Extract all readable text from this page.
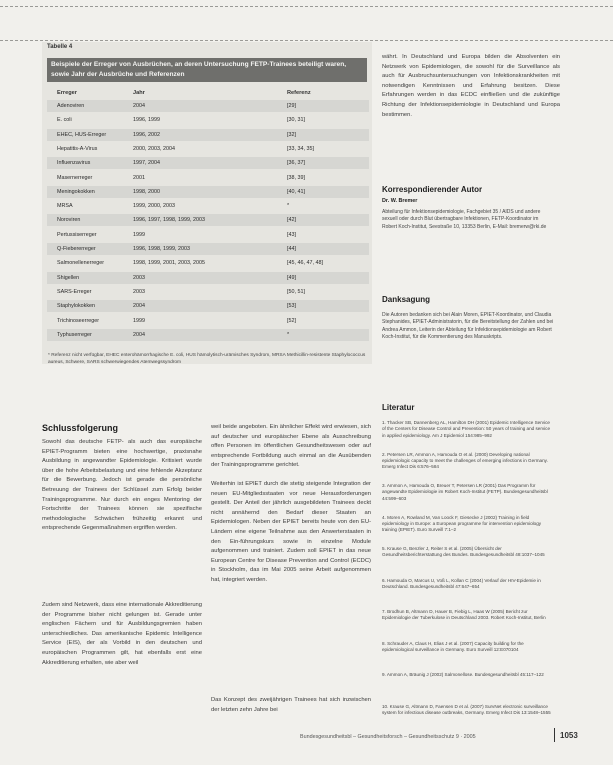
Tabelle 4
Beispiele der Erreger von Ausbrüchen, an deren Untersuchung FETP-Trainees beteiligt waren, sowie Jahr der Ausbrüche und Referenzen
Erreger	Jahr	Referenz
Adenoviren	2004	[29]
E. coli	1996, 1999	[30, 31]
EHEC, HUS-Erreger	1996, 2002	[32]
Hepatitis-A-Virus	2000, 2003, 2004	[33, 34, 35]
Influenzavirus	1997, 2004	[36, 37]
Masernerreger	2001	[38, 39]
Meningokokken	1998, 2000	[40, 41]
MRSA	1999, 2000, 2003	*
Noroviren	1996, 1997, 1998, 1999, 2003	[42]
Pertussiserreger	1999	[43]
Q-Fiebererreger	1996, 1998, 1999, 2003	[44]
Salmonellenerreger	1998, 1999, 2001, 2003, 2005	[45, 46, 47, 48]
Shigellen	2003	[49]
SARS-Erreger	2003	[50, 51]
Staphylokokken	2004	[53]
Trichinoseerreger	1999	[52]
Typhuserreger	2004	*
* Referenz nicht verfügbar, EHEC enterohämorrhagische E. coli, HUS hämolytisch-urämisches Syndrom, MRSA Methicillin-resistente Staphylococcus aureus, Schwere, SARS schwerwiegendes Atemwegssyndrom
Schlussfolgerung
Sowohl das deutsche FETP- als auch das europäische EPIET-Programm bieten eine hochwertige, praxisnahe Ausbildung in angewandter Epidemiologie. Kritisiert wurde über die hohe Arbeitsbelastung und eine fehlende Akzeptanz für die Bewerbung. Jedoch ist gerade die persönliche Betreuung der Trainees der Schlüssel zum Erfolg beider Trainingsprogramme. Nur durch ein enges Mentoring der Fortschritte der Trainees können sie spezifische methodologische Schwächen frühzeitig erkannt und entsprechende Gegenmaßnahmen ergriffen werden.
Zudem sind Netzwerk, dass eine internationale Akkreditierung der Programme bisher nicht gelungen ist. Gerade unter englischen Fächern und für Ausbildungsgremien haben unterschiedliches. Das amerikanische Epidemic Intelligence Service (EIS), der als Vorbild in den deutschen und europäischen Programmen gilt, hat ebenfalls erst eine Akkreditierung erhalten, wie aber weil
weil beide angeboten. Ein ähnlicher Effekt wird erwiesen, sich auf deutscher und europäischer Ebene als Ausschreibung offen Personen im öffentlichen Gesundheitswesen oder auf entsprechende Fortbildung auch einmal an die Ausübenden der Trainingsprogramme gerichtet.
Weiterhin ist EPIET durch die stetig steigende Integration der neuen EU-Mitgliedsstaaten vor neue Herausforderungen gestellt. Der Anteil der jährlich ausgebildeten Trainees deckt nicht annähernd den Bedarf dieser Staaten an Epidemiologen. Neben der EPIET bereits heute von den EU-Ländern eine eigene Teilnahme aus den Anwerterstaaten in den Ein-führungskurs sowie in einzelne Module aufgenommen und trainiert. Zudem soll EPIET in das neue European Centre for Disease Prevention and Control (ECDC) in Stockholm, das im Mai 2005 seine Arbeit aufgenommen hat, integriert werden.
Das Konzept des zweijährigen Trainees hat sich inzwischen der letzten zehn Jahre bei
währt. In Deutschland und Europa bilden die Absolventen ein Netzwerk von Epidemiologen, die sowohl für die Surveillance als auch für Ausbruchsuntersuchungen von Infektionskrankheiten mit notwendigen Kenntnissen und Erfahrung besitzen. Diese Erfahrungen werden in das ECDC einfließen und die zukünftige Richtung der Infektionsepidemiologie in Deutschland und Europa bestimmen.
Korrespondierender Autor
Dr. W. Bremer
Abteilung für Infektionsepidemiologie, Fachgebiet 35 / AIDS und andere sexuell oder durch Blut übertragbare Infektionen, FETP-Koordinator im Robert Koch-Institut, Seestraße 10, 13353 Berlin, E-Mail: bremerw@rki.de
Danksagung
Die Autoren bedanken sich bei Alain Moren, EPIET-Koordinator, und Claudia Stephanides, EPIET-Administratorin, für die Bereitstellung der Zahlen und bei Andrea Ammon, Leiterin der Abteilung für Infektionsepidemiologie am Robert Koch-Institut, für die Kommentierung des Manuskripts.
Literatur
1. Thacker SB, Dannenberg AL, Hamilton DH (2001) Epidemic Intelligence Service of the Centers for Disease Control and Prevention: 50 years of training and service in applied epidemiology. Am J Epidemiol 154:985–992
2. Petersen LR, Ammon A, Hamouda O et al. (2000) Developing national epidemiologic capacity to meet the challenges of emerging infections in Germany. Emerg Infect Dis 6:576–584
3. Ammon A, Hamouda O, Breuer T, Petersen LR (2001) Das Programm für angewandte Epidemiologie im Robert Koch-Institut (FETP). Bundesgesundheitsbl 44:599–603
4. Moren A, Rowland M, Van Loock F, Giesecke J (2002) Training in field epidemiology in Europe: a European programme for intervention epidemiology training (EPIET). Euro Surveill 7:1–2
5. Krause G, Benzler J, Reiter S et al. (2005) Übersicht der Gesundheitsberichterstattung des Bundes. Bundesgesundheitsbl 48:1037–1045
6. Hamouda O, Marcus U, Voß L, Kollan C (2004) Verlauf der HIV-Epidemie in Deutschland. Bundesgesundheitsbl 47:647–654
7. Brodhun B, Altmann D, Hauer B, Fiebig L, Haas W (2005) Bericht zur Epidemiologie der Tuberkulose in Deutschland 2003. Robert Koch-Institut, Berlin
8. Schrauder A, Claus H, Elias J et al. (2007) Capacity building for the epidemiological surveillance in Germany. Euro Surveill 12:E070104
9. Ammon A, Bräunig J (2002) Salmonellose. Bundesgesundheitsbl 45:117–122
10. Krause G, Altmann D, Faensen D et al. (2007) SurvNet electronic surveillance system for infectious disease outbreaks, Germany. Emerg Infect Dis 13:1548–1555
Bundesgesundheitsbl – Gesundheitsforsch – Gesundheitsschutz 9 · 2005	1053
